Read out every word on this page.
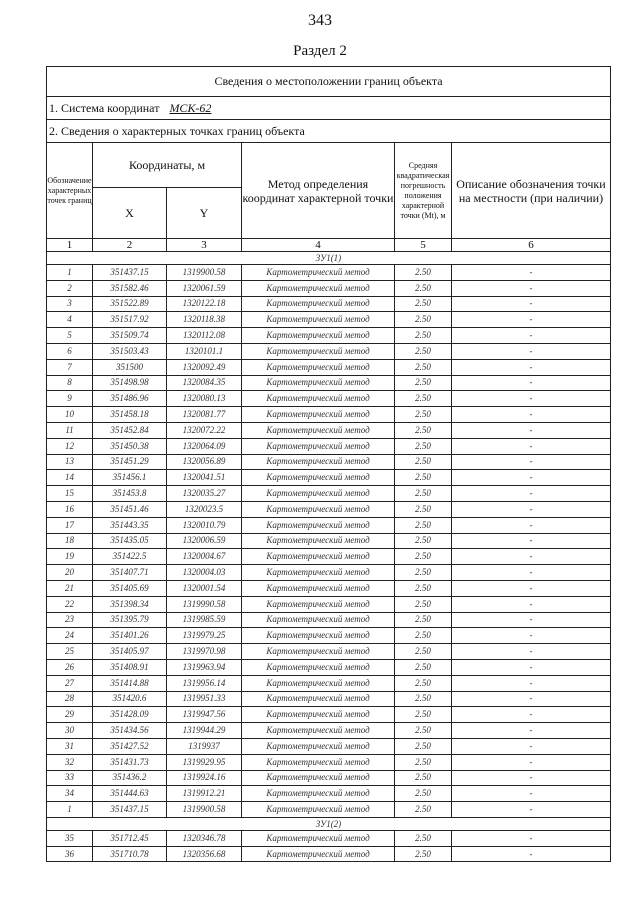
343
Раздел 2
Сведения о местоположении границ объекта					
1. Система координат МСК-62					
2. Сведения о характерных точках границ объекта					
Обозначение характерных точек границ	Координаты, м		Метод определения координат характерной точки	Средняя квадратическая погрешность положения характерной точки (Mt), м	Описание обозначения точки на местности (при наличии)
	X	Y			
1	2	3	4	5	6
ЗУ1(1)					
1	351437.15	1319900.58	Картометрический метод	2.50	-
2	351582.46	1320061.59	Картометрический метод	2.50	-
3	351522.89	1320122.18	Картометрический метод	2.50	-
4	351517.92	1320118.38	Картометрический метод	2.50	-
5	351509.74	1320112.08	Картометрический метод	2.50	-
6	351503.43	1320101.1	Картометрический метод	2.50	-
7	351500	1320092.49	Картометрический метод	2.50	-
8	351498.98	1320084.35	Картометрический метод	2.50	-
9	351486.96	1320080.13	Картометрический метод	2.50	-
10	351458.18	1320081.77	Картометрический метод	2.50	-
11	351452.84	1320072.22	Картометрический метод	2.50	-
12	351450.38	1320064.09	Картометрический метод	2.50	-
13	351451.29	1320056.89	Картометрический метод	2.50	-
14	351456.1	1320041.51	Картометрический метод	2.50	-
15	351453.8	1320035.27	Картометрический метод	2.50	-
16	351451.46	1320023.5	Картометрический метод	2.50	-
17	351443.35	1320010.79	Картометрический метод	2.50	-
18	351435.05	1320006.59	Картометрический метод	2.50	-
19	351422.5	1320004.67	Картометрический метод	2.50	-
20	351407.71	1320004.03	Картометрический метод	2.50	-
21	351405.69	1320001.54	Картометрический метод	2.50	-
22	351398.34	1319990.58	Картометрический метод	2.50	-
23	351395.79	1319985.59	Картометрический метод	2.50	-
24	351401.26	1319979.25	Картометрический метод	2.50	-
25	351405.97	1319970.98	Картометрический метод	2.50	-
26	351408.91	1319963.94	Картометрический метод	2.50	-
27	351414.88	1319956.14	Картометрический метод	2.50	-
28	351420.6	1319951.33	Картометрический метод	2.50	-
29	351428.09	1319947.56	Картометрический метод	2.50	-
30	351434.56	1319944.29	Картометрический метод	2.50	-
31	351427.52	1319937	Картометрический метод	2.50	-
32	351431.73	1319929.95	Картометрический метод	2.50	-
33	351436.2	1319924.16	Картометрический метод	2.50	-
34	351444.63	1319912.21	Картометрический метод	2.50	-
1	351437.15	1319900.58	Картометрический метод	2.50	-
ЗУ1(2)					
35	351712.45	1320346.78	Картометрический метод	2.50	-
36	351710.78	1320356.68	Картометрический метод	2.50	-
